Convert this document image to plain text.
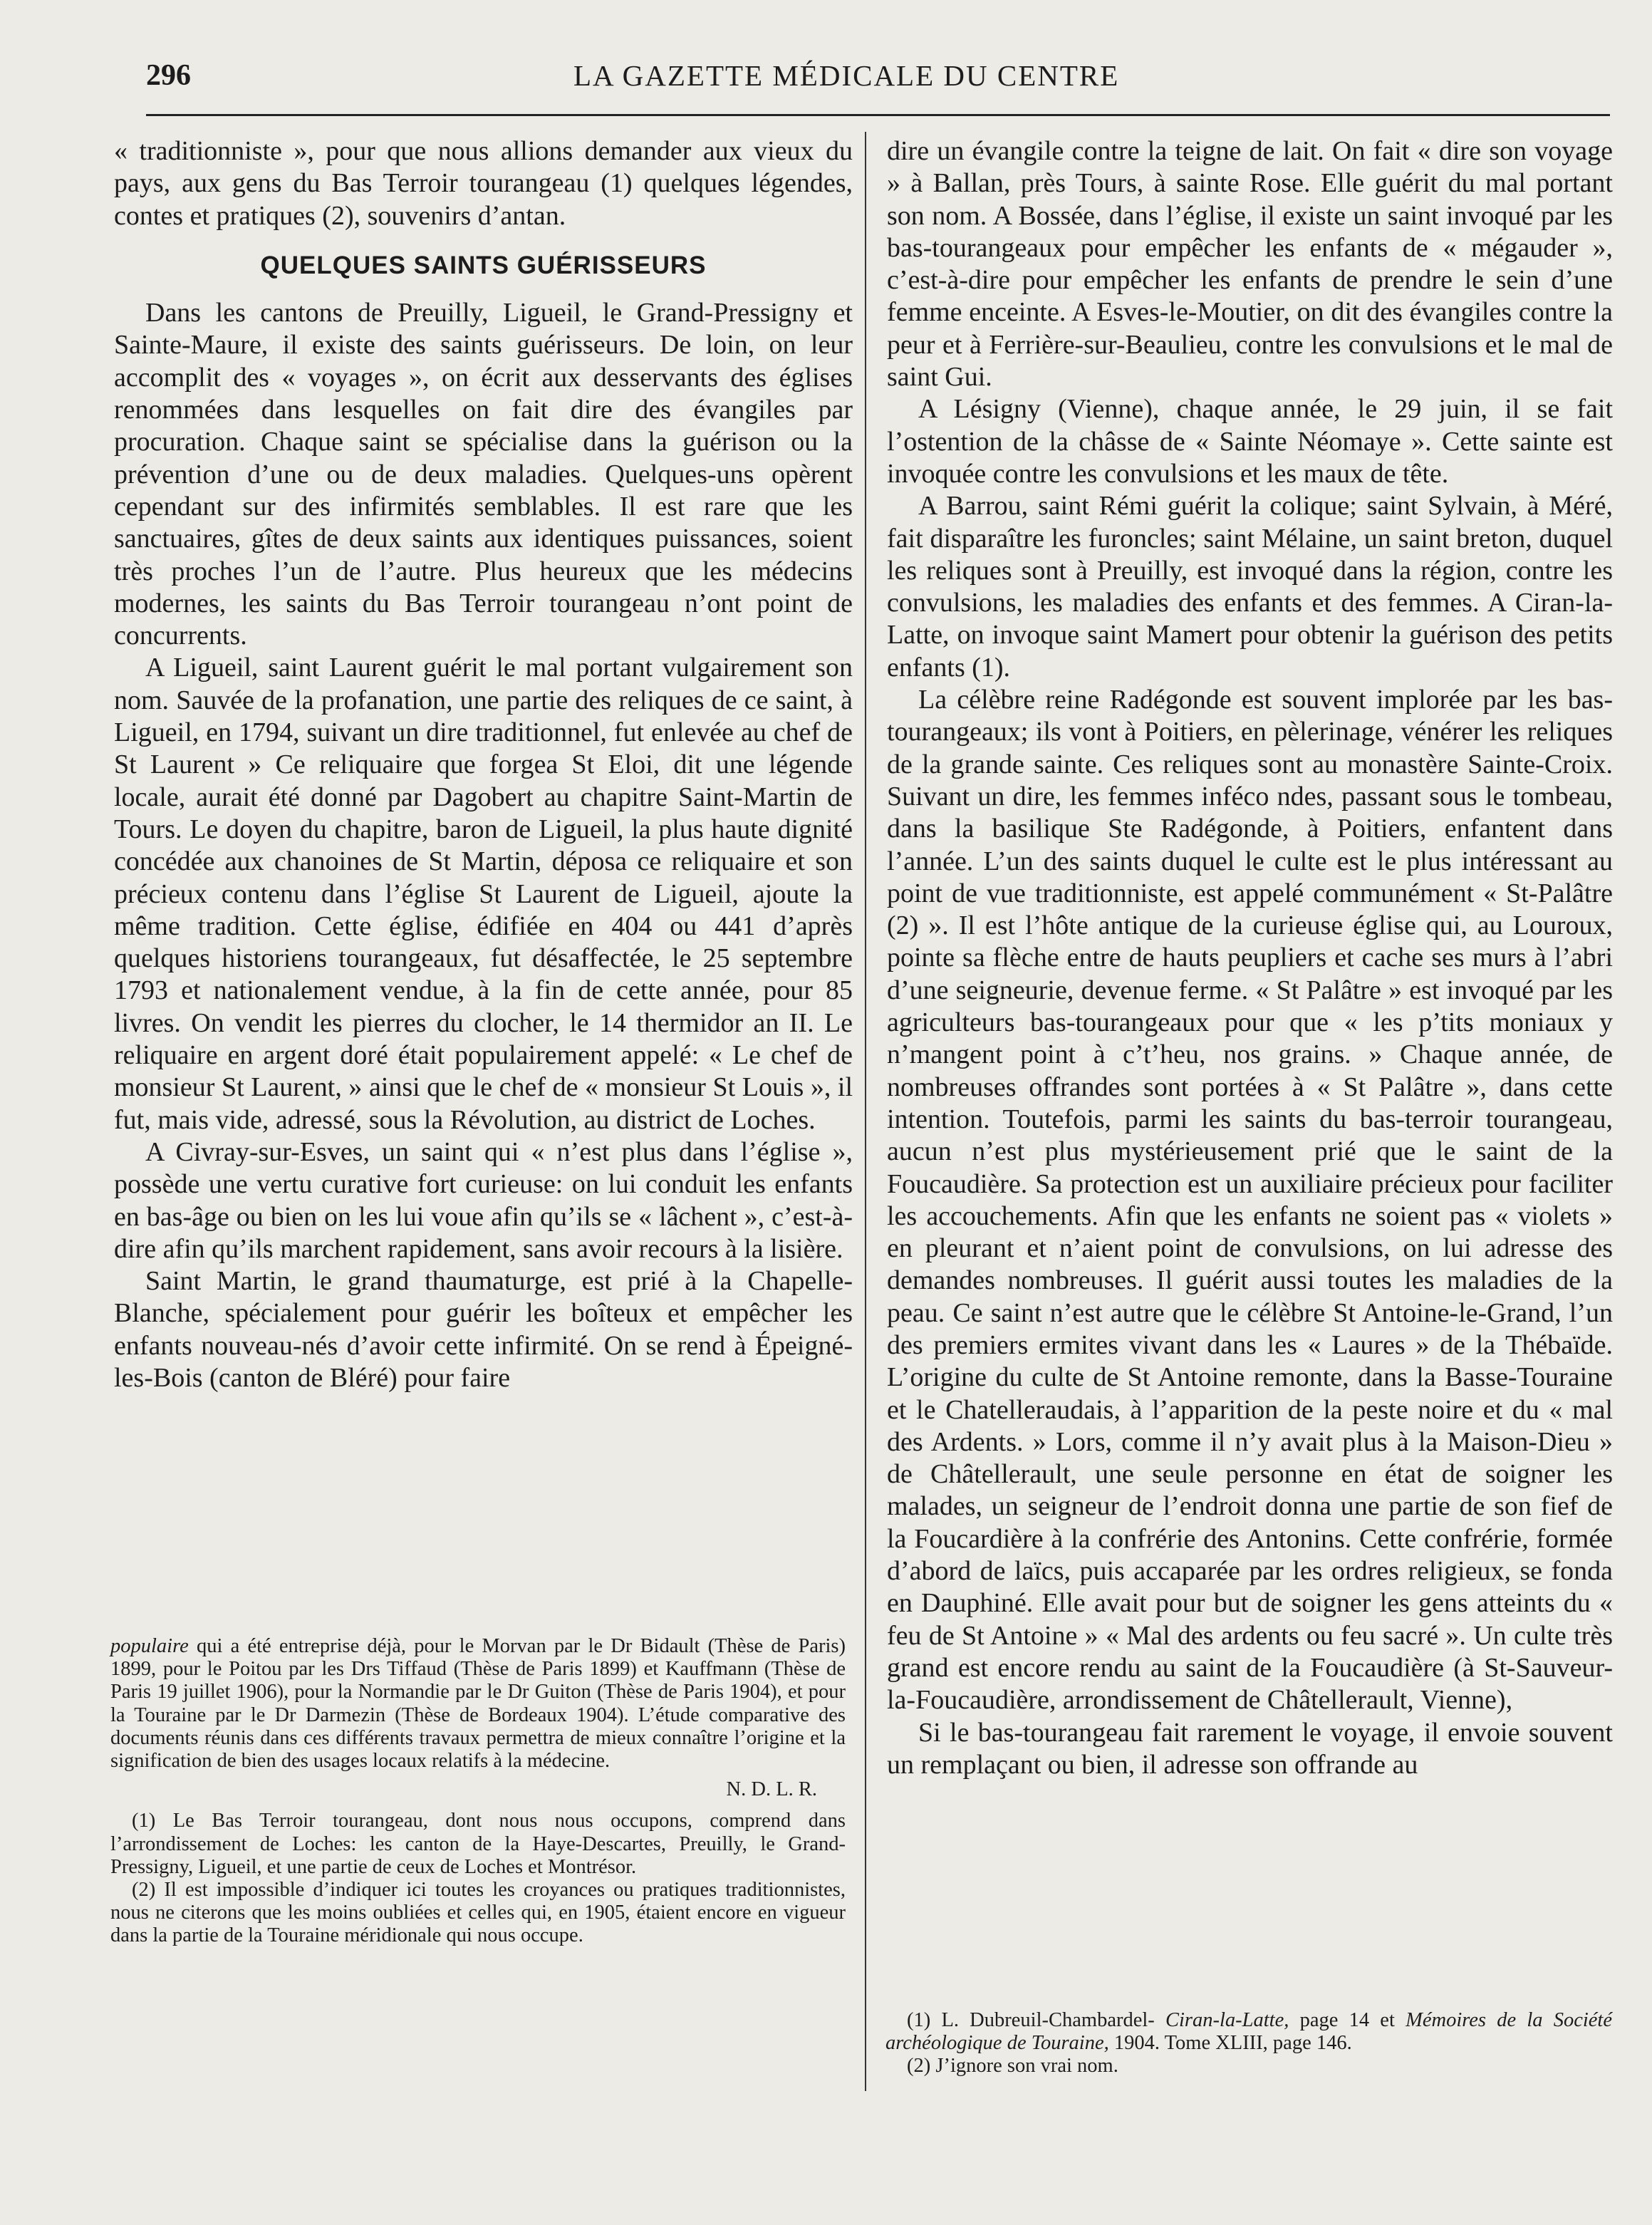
296	LA GAZETTE MÉDICALE DU CENTRE

« traditionniste », pour que nous allions demander aux vieux du pays, aux gens du Bas Terroir tourangeau (1) quelques légendes, contes et pratiques (2), souvenirs d’antan.

QUELQUES SAINTS GUÉRISSEURS

Dans les cantons de Preuilly, Ligueil, le Grand-Pressigny et Sainte-Maure, il existe des saints guérisseurs. De loin, on leur accomplit des « voyages », on écrit aux desservants des églises renommées dans lesquelles on fait dire des évangiles par procuration. Chaque saint se spécialise dans la guérison ou la prévention d’une ou de deux maladies. Quelques-uns opèrent cependant sur des infirmités semblables. Il est rare que les sanctuaires, gîtes de deux saints aux identiques puissances, soient très proches l’un de l’autre. Plus heureux que les médecins modernes, les saints du Bas Terroir tourangeau n’ont point de concurrents.

A Ligueil, saint Laurent guérit le mal portant vulgairement son nom. Sauvée de la profanation, une partie des reliques de ce saint, à Ligueil, en 1794, suivant un dire traditionnel, fut enlevée au chef de St Laurent » Ce reliquaire que forgea St Eloi, dit une légende locale, aurait été donné par Dagobert au chapitre Saint-Martin de Tours. Le doyen du chapitre, baron de Ligueil, la plus haute dignité concédée aux chanoines de St Martin, déposa ce reliquaire et son précieux contenu dans l’église St Laurent de Ligueil, ajoute la même tradition. Cette église, édifiée en 404 ou 441 d’après quelques historiens tourangeaux, fut désaffectée, le 25 septembre 1793 et nationalement vendue, à la fin de cette année, pour 85 livres. On vendit les pierres du clocher, le 14 thermidor an II. Le reliquaire en argent doré était populairement appelé: « Le chef de monsieur St Laurent, » ainsi que le chef de « monsieur St Louis », il fut, mais vide, adressé, sous la Révolution, au district de Loches.

A Civray-sur-Esves, un saint qui « n’est plus dans l’église », possède une vertu curative fort curieuse: on lui conduit les enfants en bas-âge ou bien on les lui voue afin qu’ils se « lâchent », c’est-à-dire afin qu’ils marchent rapidement, sans avoir recours à la lisière.

Saint Martin, le grand thaumaturge, est prié à la Chapelle-Blanche, spécialement pour guérir les boîteux et empêcher les enfants nouveau-nés d’avoir cette infirmité. On se rend à Épeigné-les-Bois (canton de Bléré) pour faire

populaire qui a été entreprise déjà, pour le Morvan par le Dr Bidault (Thèse de Paris) 1899, pour le Poitou par les Drs Tiffaud (Thèse de Paris 1899) et Kauffmann (Thèse de Paris 19 juillet 1906), pour la Normandie par le Dr Guiton (Thèse de Paris 1904), et pour la Touraine par le Dr Darmezin (Thèse de Bordeaux 1904). L’étude comparative des documents réunis dans ces différents travaux permettra de mieux connaître l’origine et la signification de bien des usages locaux relatifs à la médecine.

N. D. L. R.

(1) Le Bas Terroir tourangeau, dont nous nous occupons, comprend dans l’arrondissement de Loches: les canton de la Haye-Descartes, Preuilly, le Grand-Pressigny, Ligueil, et une partie de ceux de Loches et Montrésor.

(2) Il est impossible d’indiquer ici toutes les croyances ou pratiques traditionnistes, nous ne citerons que les moins oubliées et celles qui, en 1905, étaient encore en vigueur dans la partie de la Touraine méridionale qui nous occupe.

dire un évangile contre la teigne de lait. On fait « dire son voyage » à Ballan, près Tours, à sainte Rose. Elle guérit du mal portant son nom. A Bossée, dans l’église, il existe un saint invoqué par les bas-tourangeaux pour empêcher les enfants de « mégauder », c’est-à-dire pour empêcher les enfants de prendre le sein d’une femme enceinte. A Esves-le-Moutier, on dit des évangiles contre la peur et à Ferrière-sur-Beaulieu, contre les convulsions et le mal de saint Gui.

A Lésigny (Vienne), chaque année, le 29 juin, il se fait l’ostention de la châsse de « Sainte Néomaye ». Cette sainte est invoquée contre les convulsions et les maux de tête.

A Barrou, saint Rémi guérit la colique; saint Sylvain, à Méré, fait disparaître les furoncles; saint Mélaine, un saint breton, duquel les reliques sont à Preuilly, est invoqué dans la région, contre les convulsions, les maladies des enfants et des femmes. A Ciran-la-Latte, on invoque saint Mamert pour obtenir la guérison des petits enfants (1).

La célèbre reine Radégonde est souvent implorée par les bas-tourangeaux; ils vont à Poitiers, en pèlerinage, vénérer les reliques de la grande sainte. Ces reliques sont au monastère Sainte-Croix. Suivant un dire, les femmes inféco ndes, passant sous le tombeau, dans la basilique Ste Radégonde, à Poitiers, enfantent dans l’année. L’un des saints duquel le culte est le plus intéressant au point de vue traditionniste, est appelé communément « St-Palâtre (2) ». Il est l’hôte antique de la curieuse église qui, au Louroux, pointe sa flèche entre de hauts peupliers et cache ses murs à l’abri d’une seigneurie, devenue ferme. « St Palâtre » est invoqué par les agriculteurs bas-tourangeaux pour que « les p’tits moniaux y n’mangent point à c’t’heu, nos grains. » Chaque année, de nombreuses offrandes sont portées à « St Palâtre », dans cette intention. Toutefois, parmi les saints du bas-terroir tourangeau, aucun n’est plus mystérieusement prié que le saint de la Foucaudière. Sa protection est un auxiliaire précieux pour faciliter les accouchements. Afin que les enfants ne soient pas « violets » en pleurant et n’aient point de convulsions, on lui adresse des demandes nombreuses. Il guérit aussi toutes les maladies de la peau. Ce saint n’est autre que le célèbre St Antoine-le-Grand, l’un des premiers ermites vivant dans les « Laures » de la Thébaïde. L’origine du culte de St Antoine remonte, dans la Basse-Touraine et le Chatelleraudais, à l’apparition de la peste noire et du « mal des Ardents. » Lors, comme il n’y avait plus à la Maison-Dieu » de Châtellerault, une seule personne en état de soigner les malades, un seigneur de l’endroit donna une partie de son fief de la Foucardière à la confrérie des Antonins. Cette confrérie, formée d’abord de laïcs, puis accaparée par les ordres religieux, se fonda en Dauphiné. Elle avait pour but de soigner les gens atteints du « feu de St Antoine » « Mal des ardents ou feu sacré ». Un culte très grand est encore rendu au saint de la Foucaudière (à St-Sauveur-la-Foucaudière, arrondissement de Châtellerault, Vienne),

Si le bas-tourangeau fait rarement le voyage, il envoie souvent un remplaçant ou bien, il adresse son offrande au

(1) L. Dubreuil-Chambardel- Ciran-la-Latte, page 14 et Mémoires de la Société archéologique de Touraine, 1904. Tome XLIII, page 146.

(2) J’ignore son vrai nom.
